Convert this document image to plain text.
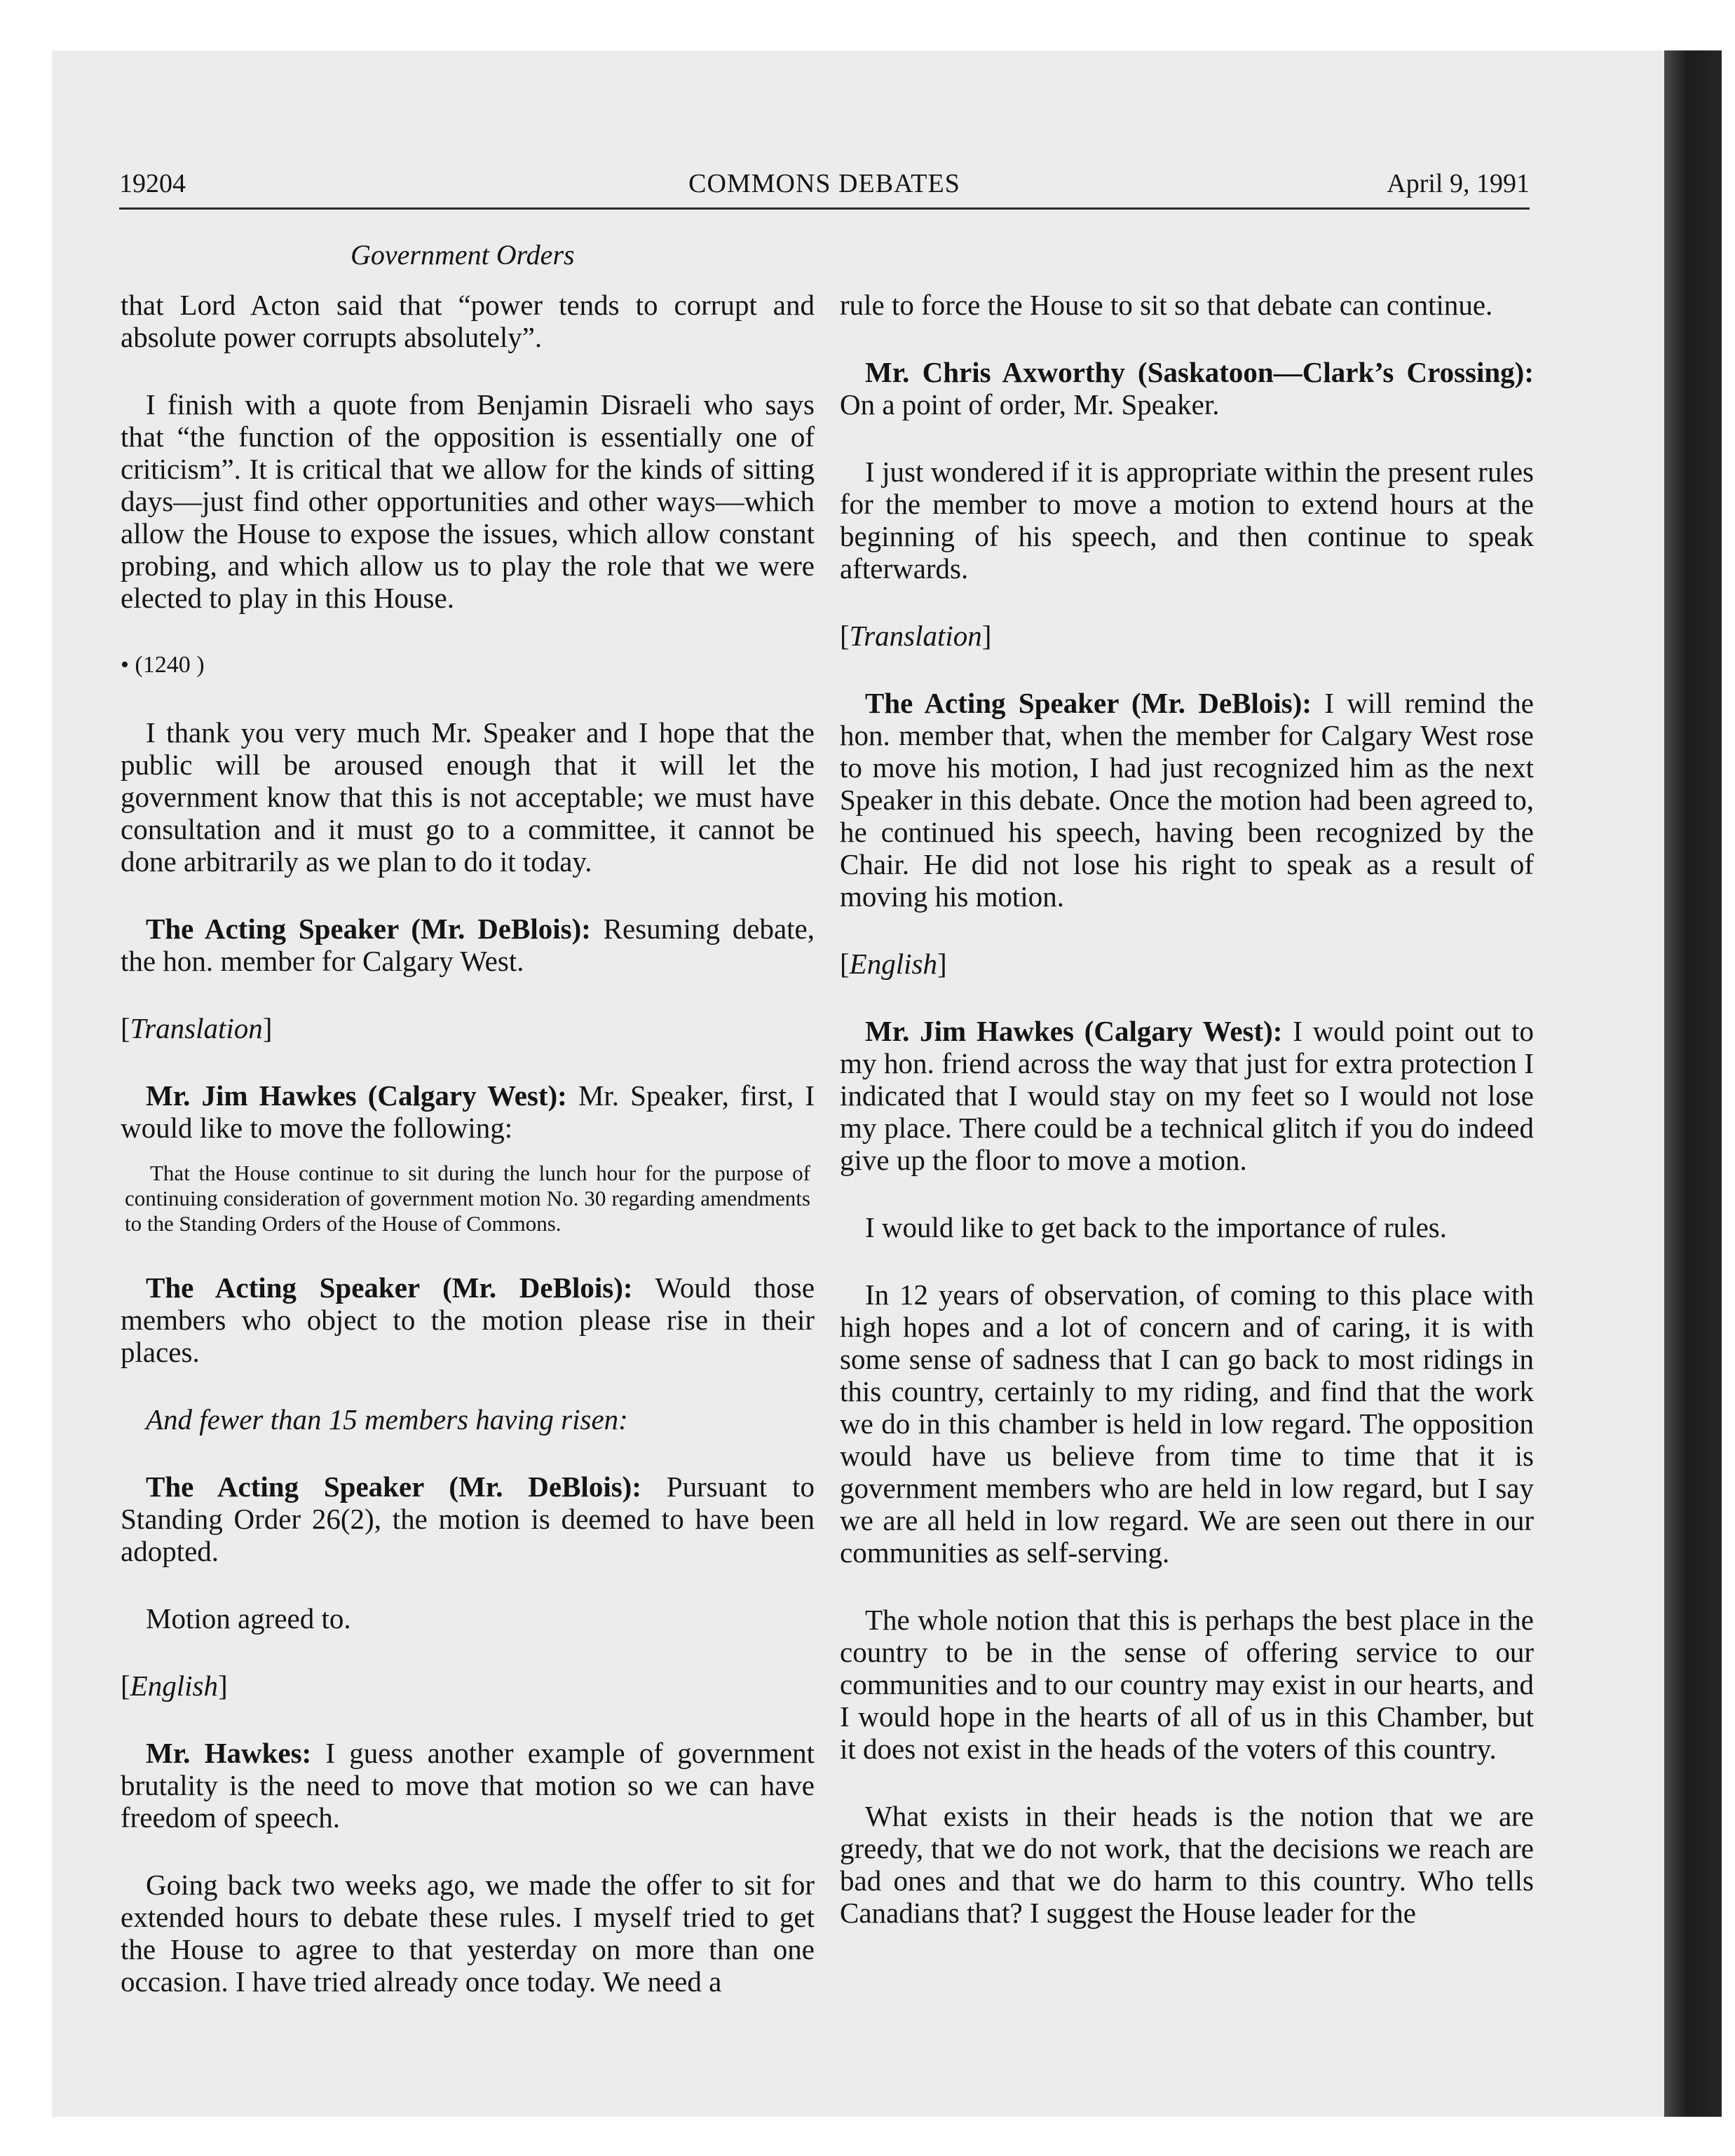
19204	COMMONS DEBATES	April 9, 1991
Government Orders

that Lord Acton said that “power tends to corrupt and absolute power corrupts absolutely”.

I finish with a quote from Benjamin Disraeli who says that “the function of the opposition is essentially one of criticism”. It is critical that we allow for the kinds of sitting days—just find other opportunities and other ways—which allow the House to expose the issues, which allow constant probing, and which allow us to play the role that we were elected to play in this House.

• (1240 )

I thank you very much Mr. Speaker and I hope that the public will be aroused enough that it will let the government know that this is not acceptable; we must have consultation and it must go to a committee, it cannot be done arbitrarily as we plan to do it today.

The Acting Speaker (Mr. DeBlois): Resuming debate, the hon. member for Calgary West.

[Translation]

Mr. Jim Hawkes (Calgary West): Mr. Speaker, first, I would like to move the following:

That the House continue to sit during the lunch hour for the purpose of continuing consideration of government motion No. 30 regarding amendments to the Standing Orders of the House of Commons.

The Acting Speaker (Mr. DeBlois): Would those members who object to the motion please rise in their places.

And fewer than 15 members having risen:

The Acting Speaker (Mr. DeBlois): Pursuant to Standing Order 26(2), the motion is deemed to have been adopted.

Motion agreed to.

[English]

Mr. Hawkes: I guess another example of government brutality is the need to move that motion so we can have freedom of speech.

Going back two weeks ago, we made the offer to sit for extended hours to debate these rules. I myself tried to get the House to agree to that yesterday on more than one occasion. I have tried already once today. We need a

rule to force the House to sit so that debate can continue.

Mr. Chris Axworthy (Saskatoon—Clark’s Crossing): On a point of order, Mr. Speaker.

I just wondered if it is appropriate within the present rules for the member to move a motion to extend hours at the beginning of his speech, and then continue to speak afterwards.

[Translation]

The Acting Speaker (Mr. DeBlois): I will remind the hon. member that, when the member for Calgary West rose to move his motion, I had just recognized him as the next Speaker in this debate. Once the motion had been agreed to, he continued his speech, having been recognized by the Chair. He did not lose his right to speak as a result of moving his motion.

[English]

Mr. Jim Hawkes (Calgary West): I would point out to my hon. friend across the way that just for extra protection I indicated that I would stay on my feet so I would not lose my place. There could be a technical glitch if you do indeed give up the floor to move a motion.

I would like to get back to the importance of rules.

In 12 years of observation, of coming to this place with high hopes and a lot of concern and of caring, it is with some sense of sadness that I can go back to most ridings in this country, certainly to my riding, and find that the work we do in this chamber is held in low regard. The opposition would have us believe from time to time that it is government members who are held in low regard, but I say we are all held in low regard. We are seen out there in our communities as self-serving.

The whole notion that this is perhaps the best place in the country to be in the sense of offering service to our communities and to our country may exist in our hearts, and I would hope in the hearts of all of us in this Chamber, but it does not exist in the heads of the voters of this country.

What exists in their heads is the notion that we are greedy, that we do not work, that the decisions we reach are bad ones and that we do harm to this country. Who tells Canadians that? I suggest the House leader for the
